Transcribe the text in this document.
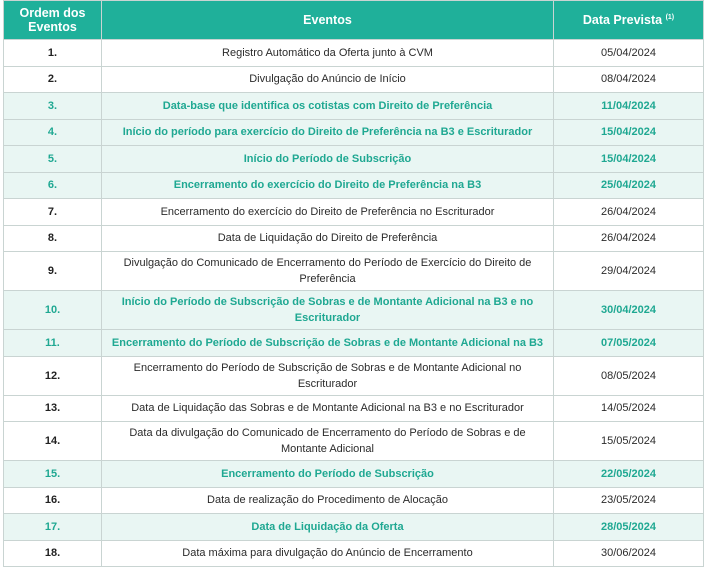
Ordem dos Eventos	Eventos	Data Prevista $^{(1)}$
1.	Registro Automático da Oferta junto à CVM	05/04/2024
2.	Divulgação do Anúncio de Início	08/04/2024
3.	Data-base que identifica os cotistas com Direito de Preferência	11/04/2024
4.	Início do período para exercício do Direito de Preferência na B3 e Escriturador	15/04/2024
5.	Início do Período de Subscrição	15/04/2024
6.	Encerramento do exercício do Direito de Preferência na B3	25/04/2024
7.	Encerramento do exercício do Direito de Preferência no Escriturador	26/04/2024
8.	Data de Liquidação do Direito de Preferência	26/04/2024
9.	Divulgação do Comunicado de Encerramento do Período de Exercício do Direito de Preferência	29/04/2024
10.	Início do Período de Subscrição de Sobras e de Montante Adicional na B3 e no Escriturador	30/04/2024
11.	Encerramento do Período de Subscrição de Sobras e de Montante Adicional na B3	07/05/2024
12.	Encerramento do Período de Subscrição de Sobras e de Montante Adicional no Escriturador	08/05/2024
13.	Data de Liquidação das Sobras e de Montante Adicional na B3 e no Escriturador	14/05/2024
14.	Data da divulgação do Comunicado de Encerramento do Período de Sobras e de Montante Adicional	15/05/2024
15.	Encerramento do Período de Subscrição	22/05/2024
16.	Data de realização do Procedimento de Alocação	23/05/2024
17.	Data de Liquidação da Oferta	28/05/2024
18.	Data máxima para divulgação do Anúncio de Encerramento	30/06/2024
